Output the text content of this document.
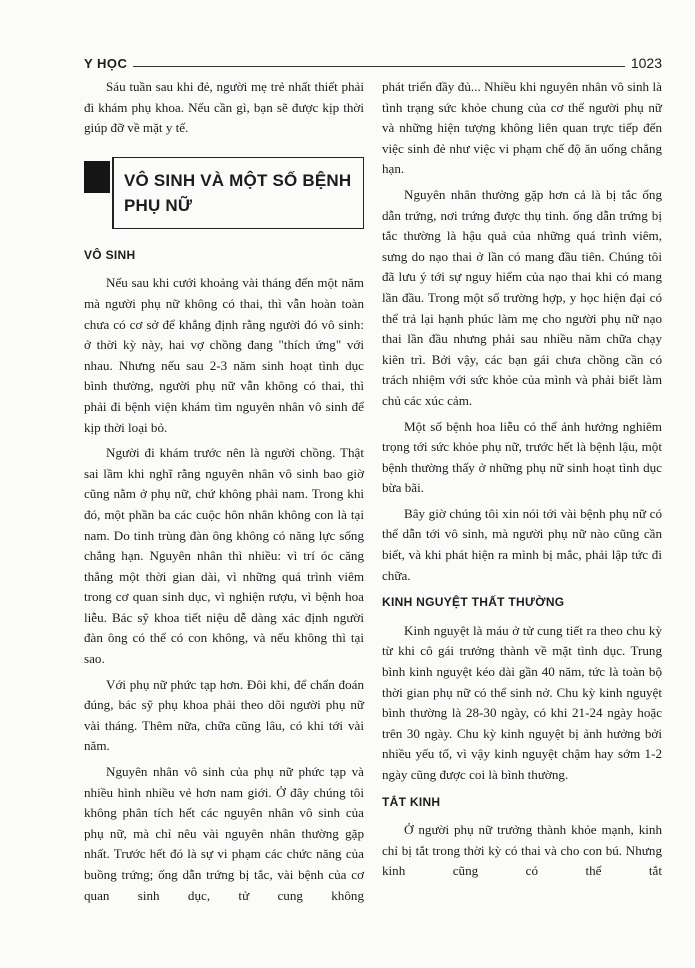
Y HỌC	1023

Sáu tuần sau khi đẻ, người mẹ trẻ nhất thiết phải đi khám phụ khoa. Nếu cần gì, bạn sẽ được kịp thời giúp đỡ về mặt y tế.

VÔ SINH VÀ MỘT SỐ BỆNH
PHỤ NỮ
VÔ SINH

Nếu sau khi cưới khoảng vài tháng đến một năm mà người phụ nữ không có thai, thì vẫn hoàn toàn chưa có cơ sở để khẳng định rằng người đó vô sinh: ở thời kỳ này, hai vợ chồng đang "thích ứng" với nhau. Nhưng nếu sau 2-3 năm sinh hoạt tình dục bình thường, người phụ nữ vẫn không có thai, thì phải đi bệnh viện khám tìm nguyên nhân vô sinh để kịp thời loại bỏ.

Người đi khám trước nên là người chồng. Thật sai lầm khi nghĩ rằng nguyên nhân vô sinh bao giờ cũng nằm ở phụ nữ, chứ không phải nam. Trong khi đó, một phần ba các cuộc hôn nhân không con là tại nam. Do tinh trùng đàn ông không có năng lực sống chẳng hạn. Nguyên nhân thì nhiều: vì trí óc căng thẳng một thời gian dài, vì những quá trình viêm trong cơ quan sinh dục, vì nghiện rượu, vì bệnh hoa liễu. Bác sỹ khoa tiết niệu dễ dàng xác định người đàn ông có thể có con không, và nếu không thì tại sao.

Với phụ nữ phức tạp hơn. Đôi khi, để chẩn đoán đúng, bác sỹ phụ khoa phải theo dõi người phụ nữ vài tháng. Thêm nữa, chữa cũng lâu, có khi tới vài năm.

Nguyên nhân vô sinh của phụ nữ phức tạp và nhiều hình nhiều vẻ hơn nam giới. Ở đây chúng tôi không phân tích hết các nguyên nhân vô sinh của phụ nữ, mà chỉ nêu vài nguyên nhân thường gặp nhất. Trước hết đó là sự vi phạm các chức năng của buồng trứng; ống dẫn trứng bị tắc, vài bệnh của cơ quan sinh dục, tử cung không

phát triển đầy đủ... Nhiều khi nguyên nhân vô sinh là tình trạng sức khỏe chung của cơ thể người phụ nữ và những hiện tượng không liên quan trực tiếp đến việc sinh đẻ như việc vi phạm chế độ ăn uống chẳng hạn.

Nguyên nhân thường gặp hơn cả là bị tắc ống dẫn trứng, nơi trứng được thụ tinh. ống dẫn trứng bị tắc thường là hậu quả của những quá trình viêm, sưng do nạo thai ở lần có mang đầu tiên. Chúng tôi đã lưu ý tới sự nguy hiểm của nạo thai khi có mang lần đầu. Trong một số trường hợp, y học hiện đại có thể trả lại hạnh phúc làm mẹ cho người phụ nữ nạo thai lần đầu nhưng phải sau nhiều năm chữa chạy kiên trì. Bởi vậy, các bạn gái chưa chồng cần có trách nhiệm với sức khỏe của mình và phải biết làm chủ các xúc cảm.

Một số bệnh hoa liễu có thể ảnh hưởng nghiêm trọng tới sức khỏe phụ nữ, trước hết là bệnh lậu, một bệnh thường thấy ở những phụ nữ sinh hoạt tình dục bừa bãi.

Bây giờ chúng tôi xin nói tới vài bệnh phụ nữ có thể dẫn tới vô sinh, mà người phụ nữ nào cũng cần biết, và khi phát hiện ra mình bị mắc, phải lập tức đi chữa.

KINH NGUYỆT THẤT THƯỜNG

Kinh nguyệt là máu ở tử cung tiết ra theo chu kỳ từ khi cô gái trưởng thành về mặt tình dục. Trung bình kinh nguyệt kéo dài gần 40 năm, tức là toàn bộ thời gian phụ nữ có thể sinh nở. Chu kỳ kinh nguyệt bình thường là 28-30 ngày, có khi 21-24 ngày hoặc trên 30 ngày. Chu kỳ kinh nguyệt bị ảnh hưởng bởi nhiều yếu tố, vì vậy kinh nguyệt chậm hay sớm 1-2 ngày cũng được coi là bình thường.

TẮT KINH

Ở người phụ nữ trưởng thành khỏe mạnh, kinh chỉ bị tắt trong thời kỳ có thai và cho con bú. Nhưng kinh cũng có thể tắt
